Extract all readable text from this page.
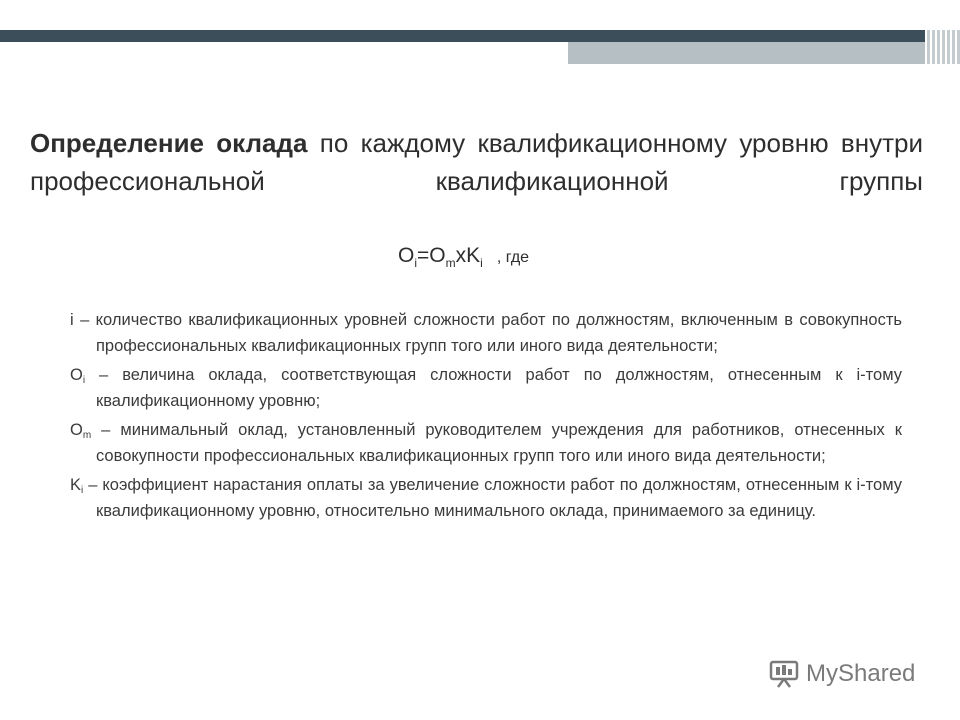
Определение оклада по каждому квалификационному уровню внутри профессиональной квалификационной группы
$O_i=O_mxK_i$ , где
i – количество квалификационных уровней сложности работ по должностям, включенным в совокупность профессиональных квалификационных групп того или иного вида деятельности;
$O_i$ – величина оклада, соответствующая сложности работ по должностям, отнесенным к i-тому квалификационному уровню;
$O_m$ – минимальный оклад, установленный руководителем учреждения для работников, отнесенных к совокупности профессиональных квалификационных групп того или иного вида деятельности;
$K_i$ – коэффициент нарастания оплаты за увеличение сложности работ по должностям, отнесенным к i-тому квалификационному уровню, относительно минимального оклада, принимаемого за единицу.
MyShared
